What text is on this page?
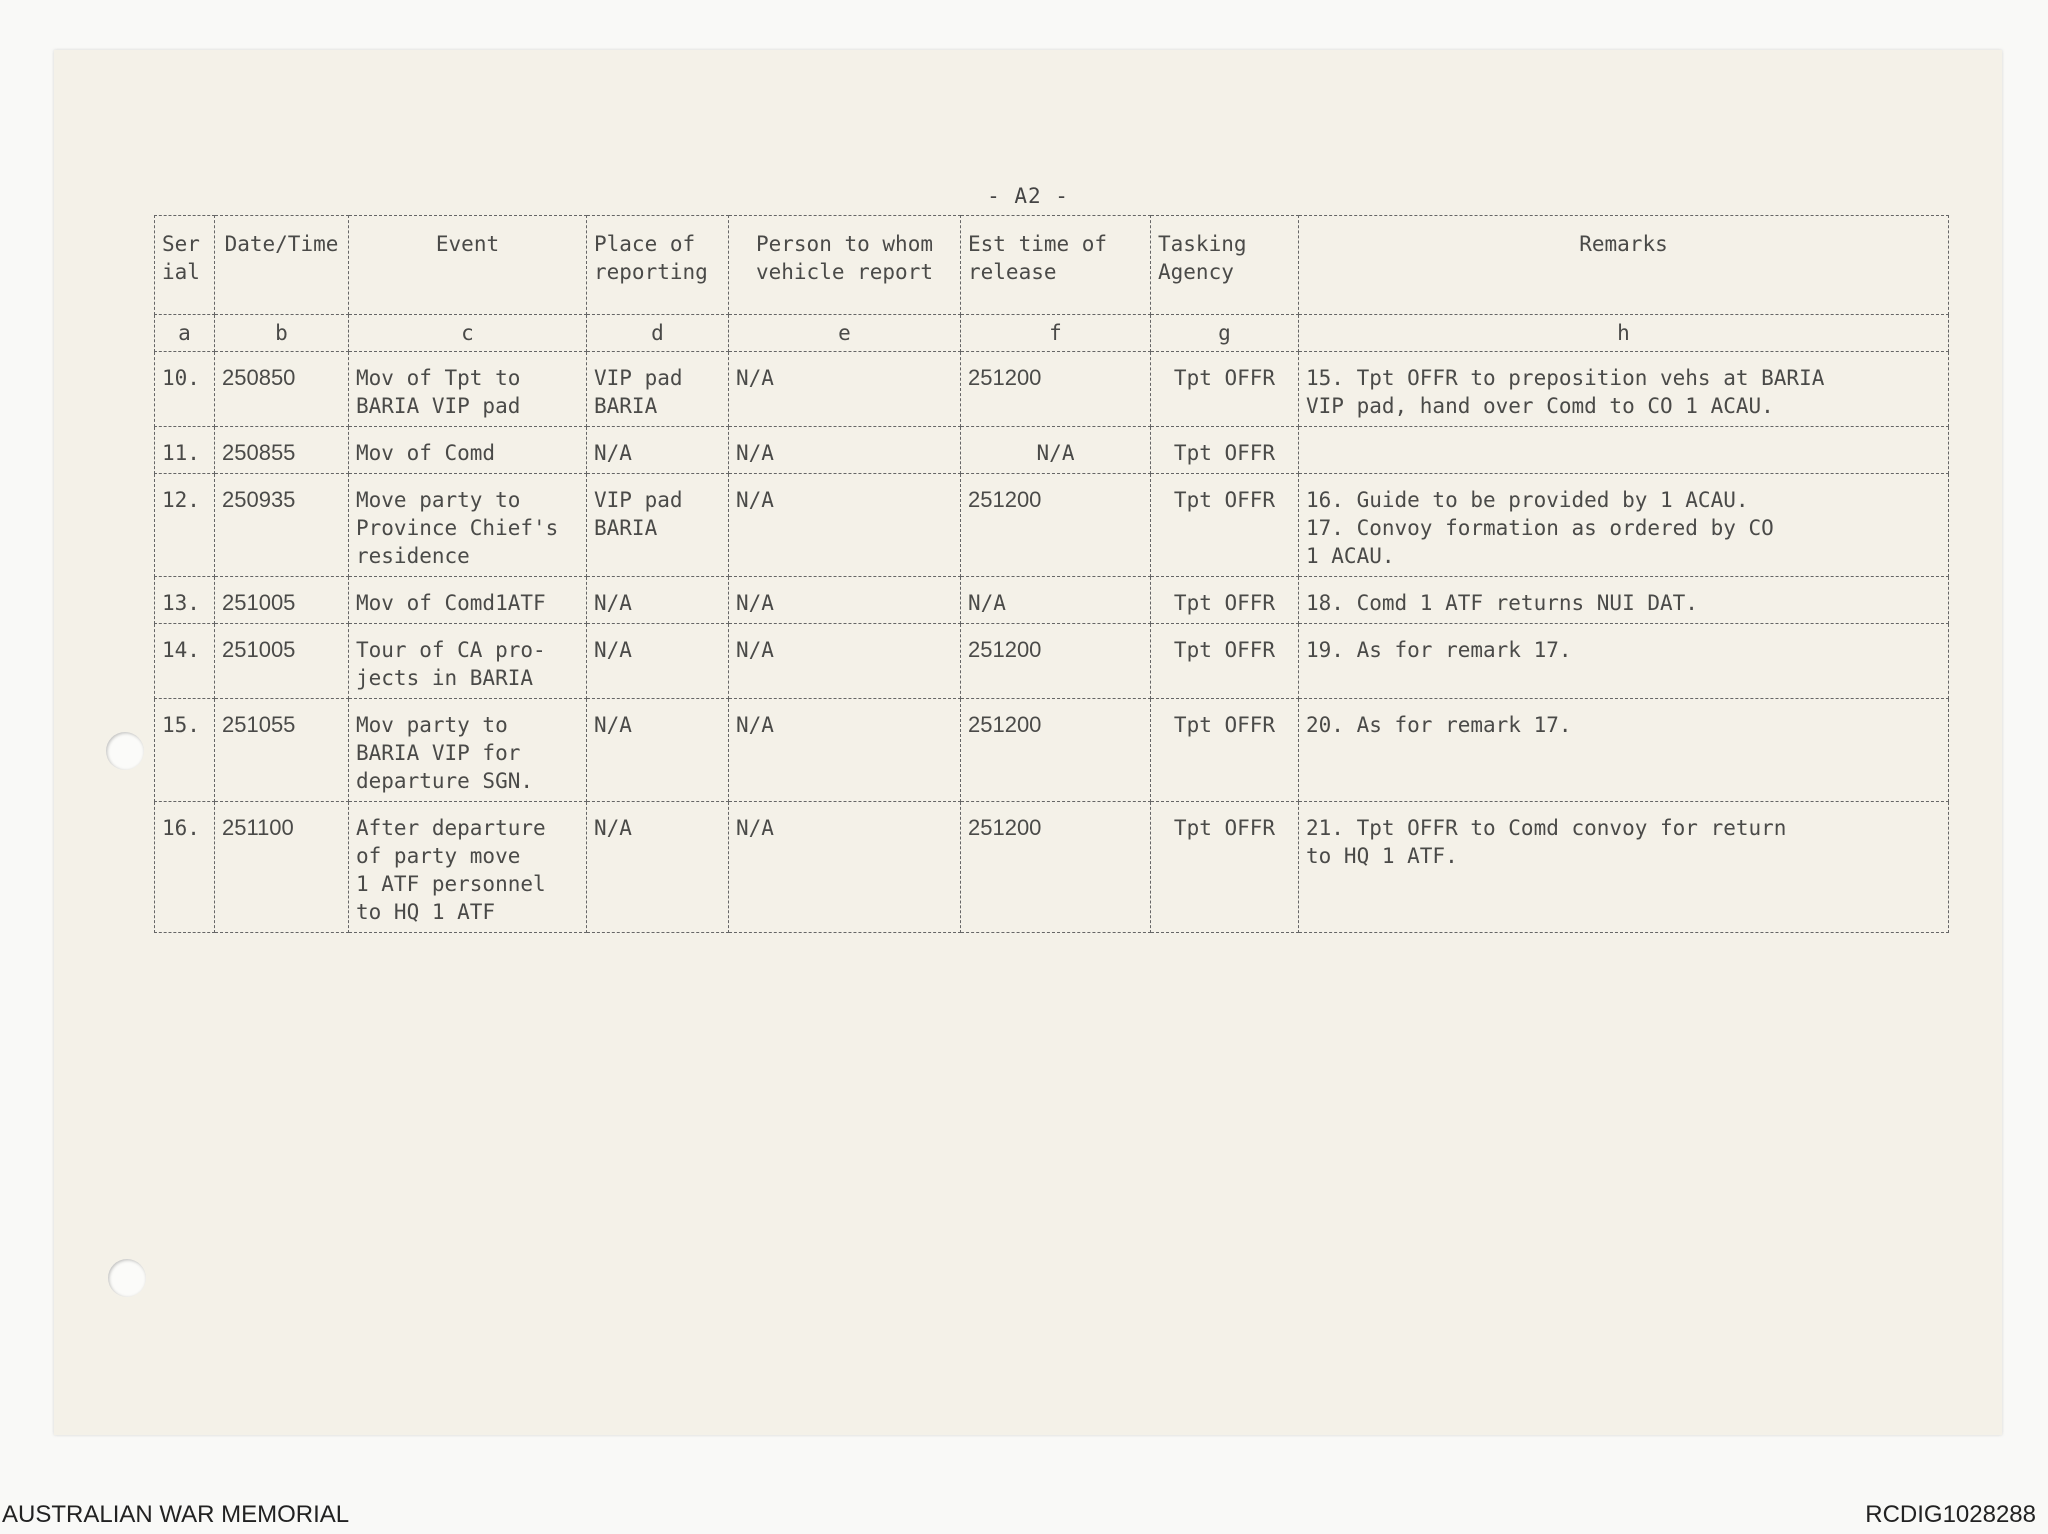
- A2 -
Ser
ial	Date/Time	Event	Place of
reporting	Person to whom
vehicle report	Est time of
release	Tasking
Agency	Remarks
a	b	c	d	e	f	g	h
10.	250850	Mov of Tpt to
BARIA VIP pad	VIP pad
BARIA	N/A	251200	Tpt OFFR	15. Tpt OFFR to preposition vehs at BARIA
VIP pad, hand over Comd to CO 1 ACAU.
11.	250855	Mov of Comd	N/A	N/A	N/A	Tpt OFFR	
12.	250935	Move party to
Province Chief's
residence	VIP pad
BARIA	N/A	251200	Tpt OFFR	16. Guide to be provided by 1 ACAU.
17. Convoy formation as ordered by CO
1 ACAU.
13.	251005	Mov of Comd1ATF	N/A	N/A	N/A	Tpt OFFR	18. Comd 1 ATF returns NUI DAT.
14.	251005	Tour of CA pro-
jects in BARIA	N/A	N/A	251200	Tpt OFFR	19. As for remark 17.
15.	251055	Mov party to
BARIA VIP for
departure SGN.	N/A	N/A	251200	Tpt OFFR	20. As for remark 17.
16.	251100	After departure
of party move
1 ATF personnel
to HQ 1 ATF	N/A	N/A	251200	Tpt OFFR	21. Tpt OFFR to Comd convoy for return
to HQ 1 ATF.
AUSTRALIAN WAR MEMORIAL	RCDIG1028288
